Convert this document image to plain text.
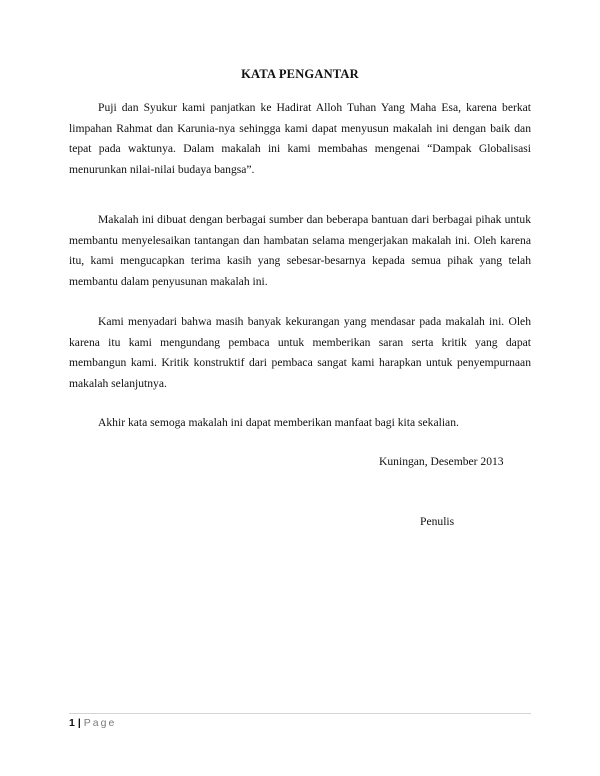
KATA PENGANTAR

Puji dan Syukur kami panjatkan ke Hadirat Alloh Tuhan Yang Maha Esa, karena berkat limpahan Rahmat dan Karunia-nya sehingga kami dapat menyusun makalah ini dengan baik dan tepat pada waktunya. Dalam makalah ini kami membahas mengenai “Dampak Globalisasi menurunkan nilai-nilai budaya bangsa”.

Makalah ini dibuat dengan berbagai sumber dan beberapa bantuan dari berbagai pihak untuk membantu menyelesaikan tantangan dan hambatan selama mengerjakan makalah ini. Oleh karena itu, kami mengucapkan terima kasih yang sebesar-besarnya kepada semua pihak yang telah membantu dalam penyusunan makalah ini.

Kami menyadari bahwa masih banyak kekurangan yang mendasar pada makalah ini. Oleh karena itu kami mengundang pembaca untuk memberikan saran serta kritik yang dapat membangun kami. Kritik konstruktif dari pembaca sangat kami harapkan untuk penyempurnaan makalah selanjutnya.

Akhir kata semoga makalah ini dapat memberikan manfaat bagi kita sekalian.

Kuningan, Desember 2013
Penulis
1 | Page
